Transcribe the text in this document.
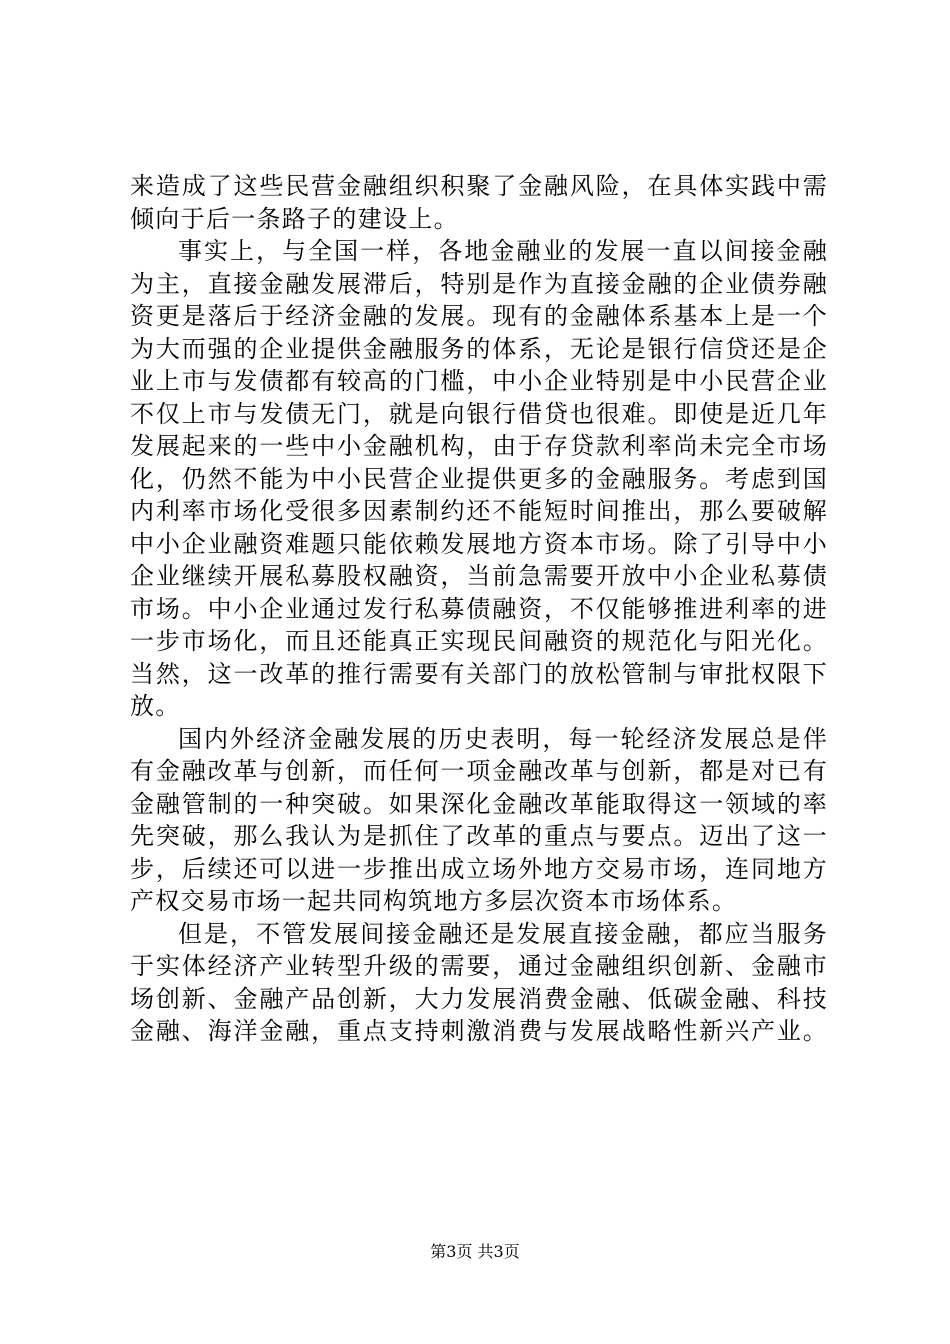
来造成了这些民营金融组织积聚了金融风险，在具体实践中需
倾向于后一条路子的建设上。
事实上，与全国一样，各地金融业的发展一直以间接金融
为主，直接金融发展滞后，特别是作为直接金融的企业债券融
资更是落后于经济金融的发展。现有的金融体系基本上是一个
为大而强的企业提供金融服务的体系，无论是银行信贷还是企
业上市与发债都有较高的门槛，中小企业特别是中小民营企业
不仅上市与发债无门，就是向银行借贷也很难。即使是近几年
发展起来的一些中小金融机构，由于存贷款利率尚未完全市场
化，仍然不能为中小民营企业提供更多的金融服务。考虑到国
内利率市场化受很多因素制约还不能短时间推出，那么要破解
中小企业融资难题只能依赖发展地方资本市场。除了引导中小
企业继续开展私募股权融资，当前急需要开放中小企业私募债
市场。中小企业通过发行私募债融资，不仅能够推进利率的进
一步市场化，而且还能真正实现民间融资的规范化与阳光化。
当然，这一改革的推行需要有关部门的放松管制与审批权限下
放。
国内外经济金融发展的历史表明，每一轮经济发展总是伴
有金融改革与创新，而任何一项金融改革与创新，都是对已有
金融管制的一种突破。如果深化金融改革能取得这一领域的率
先突破，那么我认为是抓住了改革的重点与要点。迈出了这一
步，后续还可以进一步推出成立场外地方交易市场，连同地方
产权交易市场一起共同构筑地方多层次资本市场体系。
但是，不管发展间接金融还是发展直接金融，都应当服务
于实体经济产业转型升级的需要，通过金融组织创新、金融市
场创新、金融产品创新，大力发展消费金融、低碳金融、科技
金融、海洋金融，重点支持刺激消费与发展战略性新兴产业。
第3页 共3页
